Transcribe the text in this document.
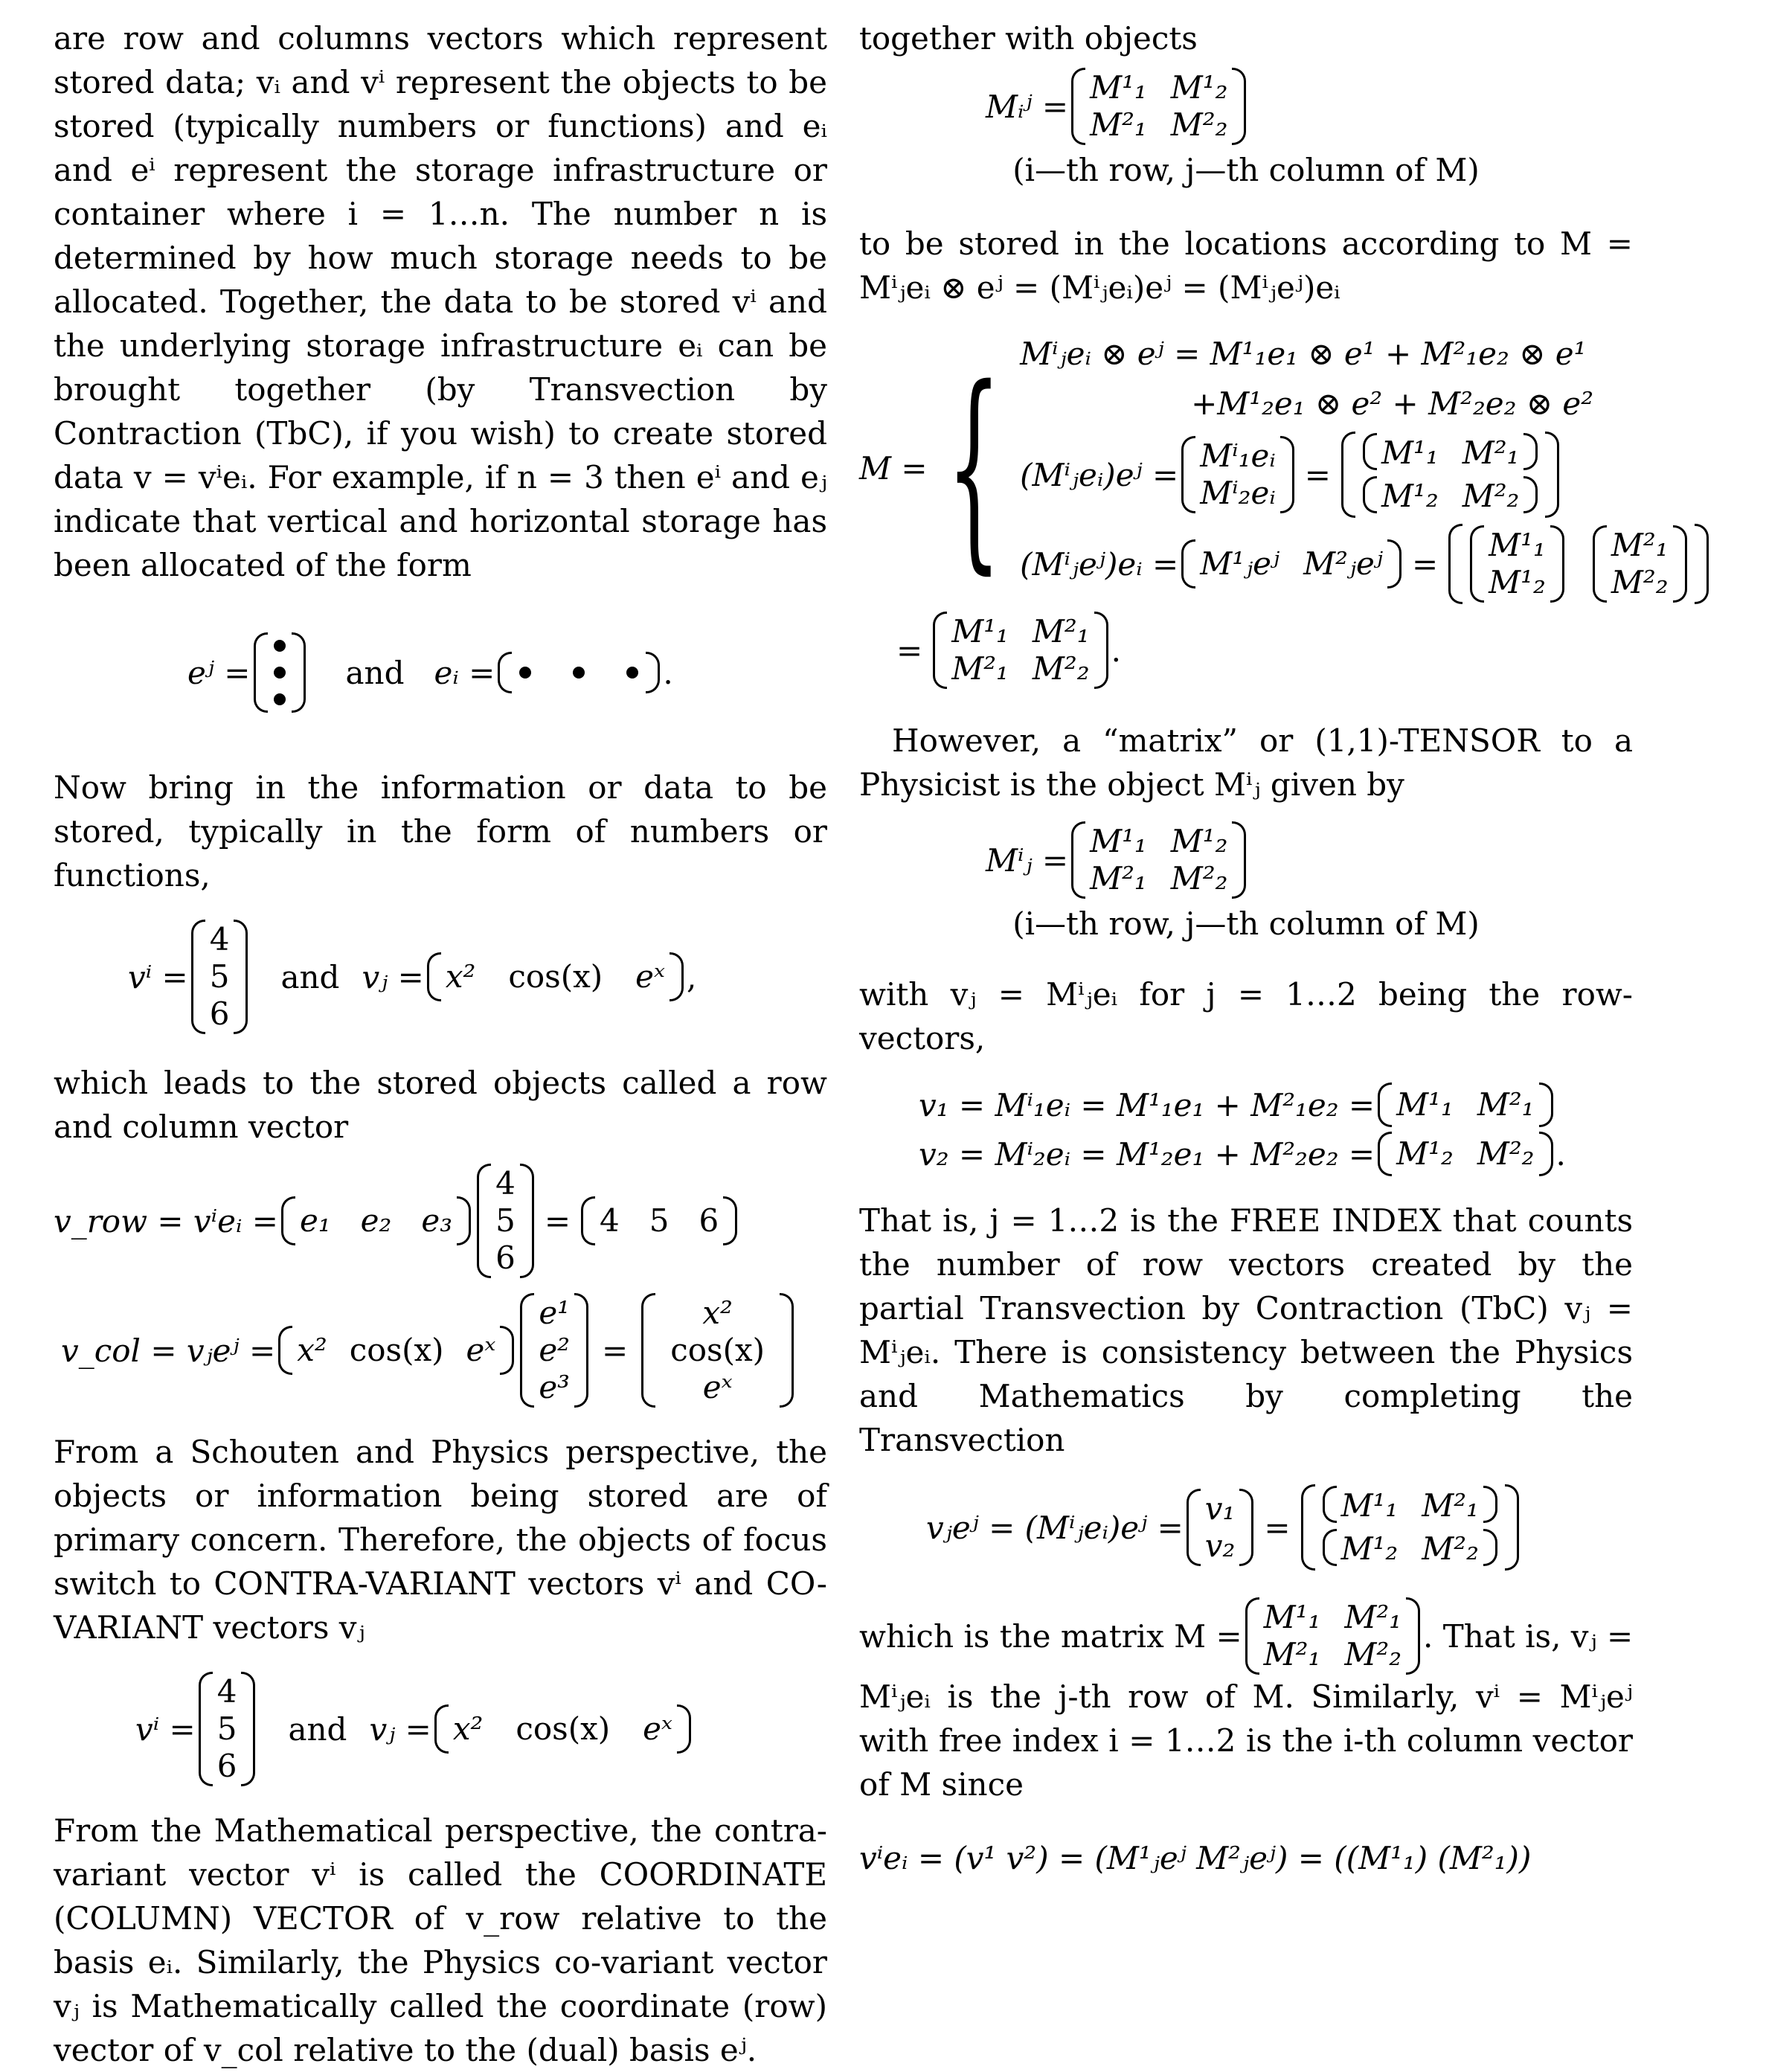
are row and columns vectors which represent stored data; vᵢ and vⁱ represent the objects to be stored (typically numbers or functions) and eᵢ and eⁱ represent the storage infrastructure or container where i = 1…n. The number n is determined by how much storage needs to be allocated. Together, the data to be stored vⁱ and the underlying storage infrastructure eᵢ can be brought together (by Transvection by Contraction (TbC), if you wish) to create stored data v = vⁱeᵢ. For example, if n = 3 then eⁱ and eⱼ indicate that vertical and horizontal storage has been allocated of the form

eʲ =	and eᵢ =	.

Now bring in the information or data to be stored, typically in the form of numbers or functions,

vⁱ =
4
5
6
and vⱼ = x² cos(x) eˣ ,

which leads to the stored objects called a row and column vector

v_row = vⁱeᵢ = e₁ e₂ e₃
4
5
6
= 4 5 6
v_col = vⱼeʲ = x² cos(x) eˣ
e¹
e²
e³
=
x²
cos(x)
eˣ

From a Schouten and Physics perspective, the objects or information being stored are of primary concern. Therefore, the objects of focus switch to CONTRA-VARIANT vectors vⁱ and CO-VARIANT vectors vⱼ

vⁱ =
4
5
6
and vⱼ = x² cos(x) eˣ

From the Mathematical perspective, the contra-variant vector vⁱ is called the COORDINATE (COLUMN) VECTOR of v_row relative to the basis eᵢ. Similarly, the Physics co-variant vector vⱼ is Mathematically called the coordinate (row) vector of v_col relative to the (dual) basis eʲ.

together with objects

Mᵢʲ =
M¹₁ M¹₂
M²₁ M²₂
(i—th row, j—th column of M)

to be stored in the locations according to M = Mⁱⱼeᵢ ⊗ eʲ = (Mⁱⱼeᵢ)eʲ = (Mⁱⱼeʲ)eᵢ

M = { Mⁱⱼeᵢ ⊗ eʲ = M¹₁e₁ ⊗ e¹ + M²₁e₂ ⊗ e¹
+M¹₂e₁ ⊗ e² + M²₂e₂ ⊗ e²
(Mⁱⱼeᵢ)eʲ =
Mⁱ₁eᵢ
Mⁱ₂eᵢ =
M¹₁ M²₁
M¹₂ M²₂
(Mⁱⱼeʲ)eᵢ = M¹ⱼeʲ M²ⱼeʲ =
M¹₁
M¹₂
M²₁
M²₂
=
M¹₁ M²₁
M²₁ M²₂ .

However, a “matrix” or (1,1)-TENSOR to a Physicist is the object Mⁱⱼ given by

Mⁱⱼ =
M¹₁ M¹₂
M²₁ M²₂
(i—th row, j—th column of M)

with vⱼ = Mⁱⱼeᵢ for j = 1…2 being the row-vectors,

v₁ = Mⁱ₁eᵢ = M¹₁e₁ + M²₁e₂ = M¹₁ M²₁
v₂ = Mⁱ₂eᵢ = M¹₂e₁ + M²₂e₂ = M¹₂ M²₂ .

That is, j = 1…2 is the FREE INDEX that counts the number of row vectors created by the partial Transvection by Contraction (TbC) vⱼ = Mⁱⱼeᵢ. There is consistency between the Physics and Mathematics by completing the Transvection

vⱼeʲ = (Mⁱⱼeᵢ)eʲ =
v₁
v₂ =
M¹₁ M²₁
M¹₂ M²₂
which is the matrix M =
M¹₁ M²₁
M²₁ M²₂ . That is, vⱼ =

Mⁱⱼeᵢ is the j-th row of M. Similarly, vⁱ = Mⁱⱼeʲ with free index i = 1…2 is the i-th column vector of M since

vⁱeᵢ = (v¹ v²) = (M¹ⱼeʲ M²ⱼeʲ) = ((M¹₁) (M²₁))
